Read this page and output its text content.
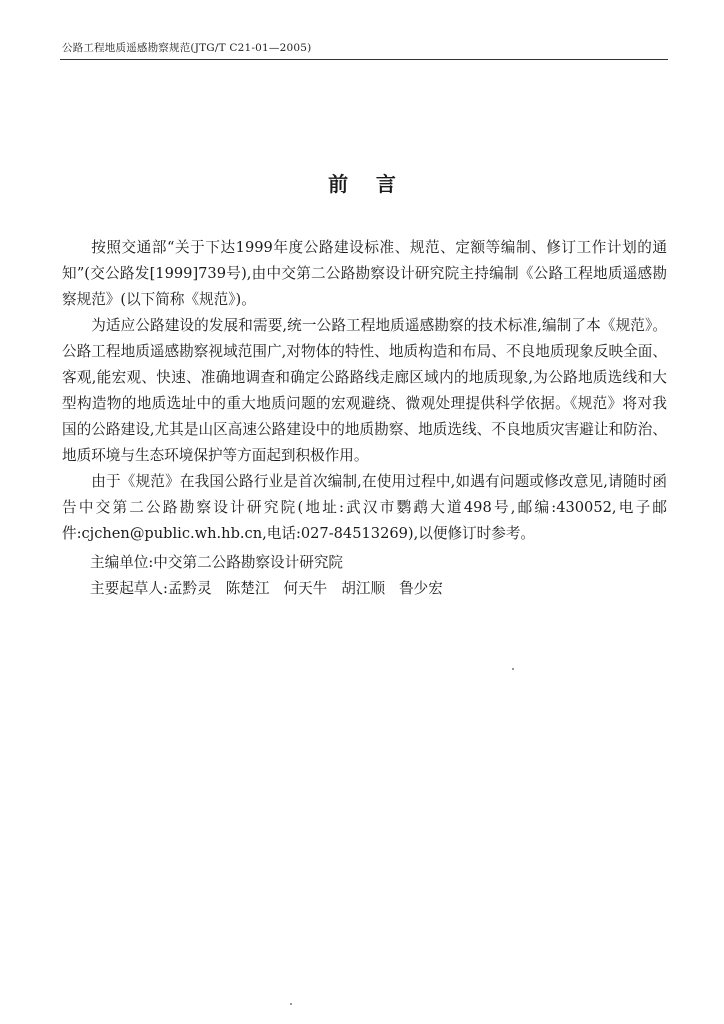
公路工程地质遥感勘察规范(JTG/T C21-01—2005)
前    言

按照交通部“关于下达1999年度公路建设标准、规范、定额等编制、修订工作计划的通知”(交公路发[1999]739号),由中交第二公路勘察设计研究院主持编制《公路工程地质遥感勘察规范》(以下简称《规范》)。

为适应公路建设的发展和需要,统一公路工程地质遥感勘察的技术标准,编制了本《规范》。公路工程地质遥感勘察视域范围广,对物体的特性、地质构造和布局、不良地质现象反映全面、客观,能宏观、快速、准确地调查和确定公路路线走廊区域内的地质现象,为公路地质选线和大型构造物的地质选址中的重大地质问题的宏观避绕、微观处理提供科学依据。《规范》将对我国的公路建设,尤其是山区高速公路建设中的地质勘察、地质选线、不良地质灾害避让和防治、地质环境与生态环境保护等方面起到积极作用。

由于《规范》在我国公路行业是首次编制,在使用过程中,如遇有问题或修改意见,请随时函告中交第二公路勘察设计研究院(地址:武汉市鹦鹉大道498号,邮编:430052,电子邮件:cjchen@public.wh.hb.cn,电话:027-84513269),以便修订时参考。

主编单位:中交第二公路勘察设计研究院
主要起草人:孟黔灵 陈楚江 何天牛 胡江顺 鲁少宏
